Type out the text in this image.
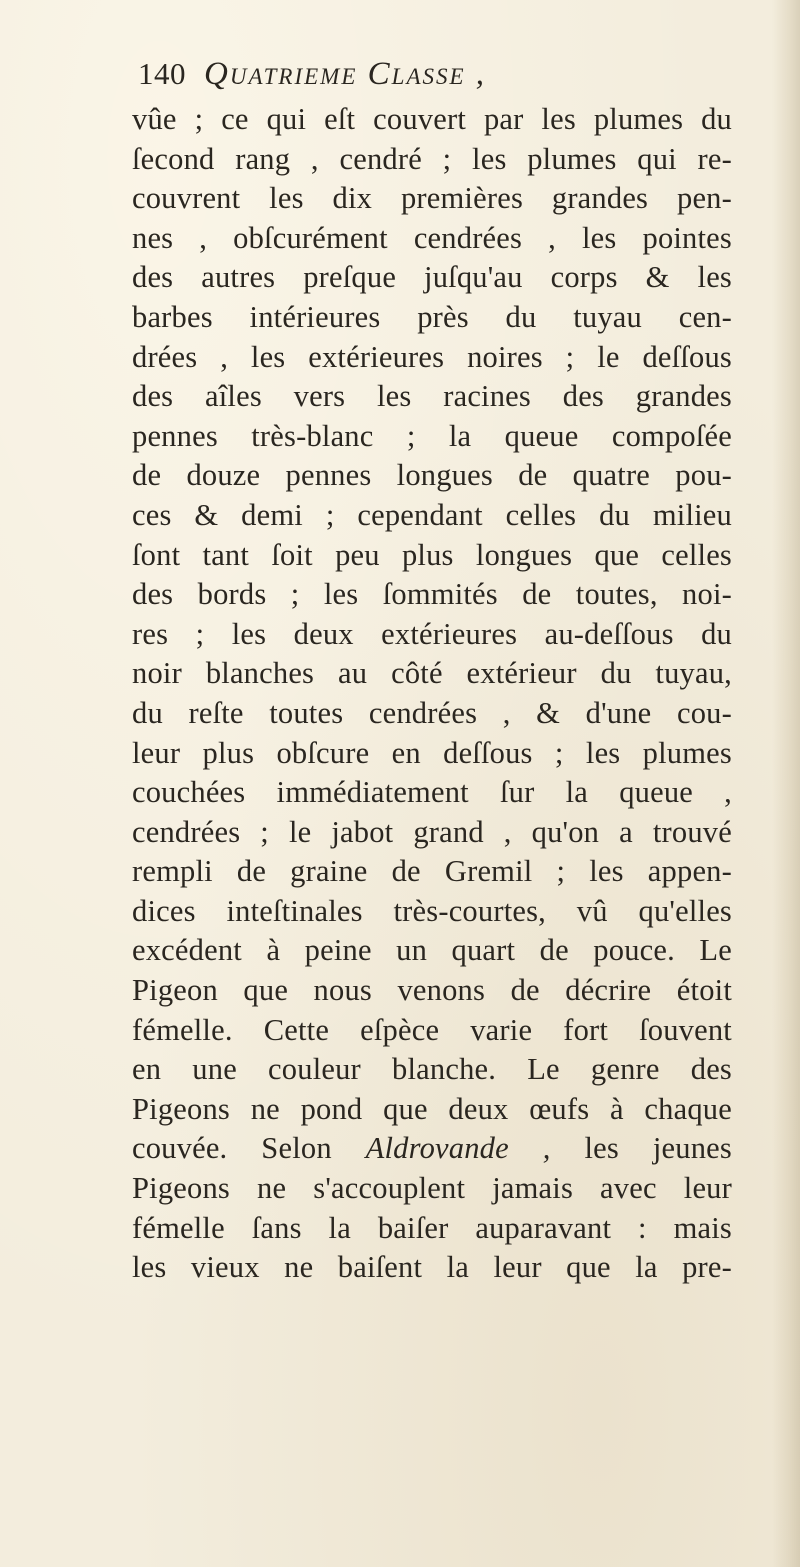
140 Quatrieme Classe ,
vûe ; ce qui eſt couvert par les plumes du
ſecond rang , cendré ; les plumes qui re-
couvrent les dix premières grandes pen-
nes , obſcurément cendrées , les pointes
des autres preſque juſqu'au corps & les
barbes intérieures près du tuyau cen-
drées , les extérieures noires ; le deſſous
des aîles vers les racines des grandes
pennes très-blanc ; la queue compoſée
de douze pennes longues de quatre pou-
ces & demi ; cependant celles du milieu
ſont tant ſoit peu plus longues que celles
des bords ; les ſommités de toutes, noi-
res ; les deux extérieures au-deſſous du
noir blanches au côté extérieur du tuyau,
du reſte toutes cendrées , & d'une cou-
leur plus obſcure en deſſous ; les plumes
couchées immédiatement ſur la queue ,
cendrées ; le jabot grand , qu'on a trouvé
rempli de graine de Gremil ; les appen-
dices inteſtinales très-courtes, vû qu'elles
excédent à peine un quart de pouce. Le
Pigeon que nous venons de décrire étoit
fémelle. Cette eſpèce varie fort ſouvent
en une couleur blanche. Le genre des
Pigeons ne pond que deux œufs à chaque
couvée. Selon Aldrovande , les jeunes
Pigeons ne s'accouplent jamais avec leur
fémelle ſans la baiſer auparavant : mais
les vieux ne baiſent la leur que la pre-
